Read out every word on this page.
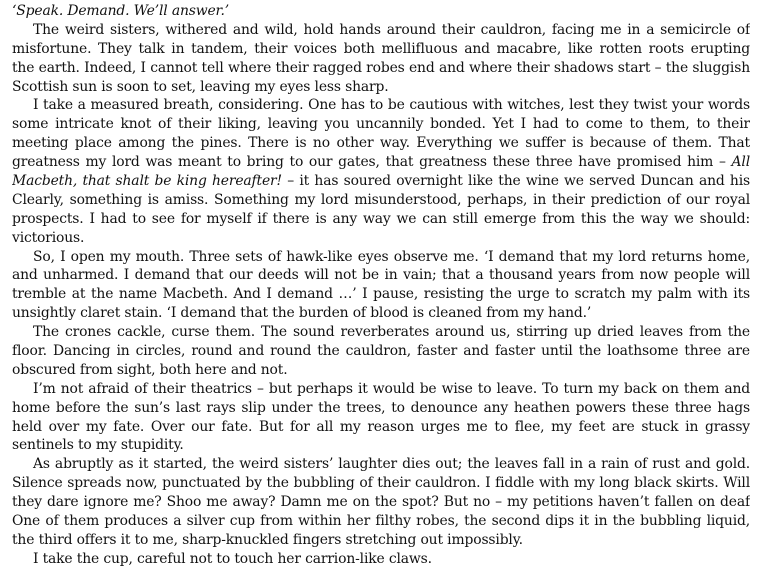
‘Speak. Demand. We’ll answer.’
The weird sisters, withered and wild, hold hands around their cauldron, facing me in a semicircle of
misfortune. They talk in tandem, their voices both mellifluous and macabre, like rotten roots erupting
the earth. Indeed, I cannot tell where their ragged robes end and where their shadows start – the sluggish
Scottish sun is soon to set, leaving my eyes less sharp.
I take a measured breath, considering. One has to be cautious with witches, lest they twist your words
some intricate knot of their liking, leaving you uncannily bonded. Yet I had to come to them, to their
meeting place among the pines. There is no other way. Everything we suffer is because of them. That
greatness my lord was meant to bring to our gates, that greatness these three have promised him – All
Macbeth, that shalt be king hereafter! – it has soured overnight like the wine we served Duncan and his
Clearly, something is amiss. Something my lord misunderstood, perhaps, in their prediction of our royal
prospects. I had to see for myself if there is any way we can still emerge from this the way we should:
victorious.
So, I open my mouth. Three sets of hawk-like eyes observe me. ‘I demand that my lord returns home,
and unharmed. I demand that our deeds will not be in vain; that a thousand years from now people will
tremble at the name Macbeth. And I demand …’ I pause, resisting the urge to scratch my palm with its
unsightly claret stain. ‘I demand that the burden of blood is cleaned from my hand.’
The crones cackle, curse them. The sound reverberates around us, stirring up dried leaves from the
floor. Dancing in circles, round and round the cauldron, faster and faster until the loathsome three are
obscured from sight, both here and not.
I’m not afraid of their theatrics – but perhaps it would be wise to leave. To turn my back on them and
home before the sun’s last rays slip under the trees, to denounce any heathen powers these three hags
held over my fate. Over our fate. But for all my reason urges me to flee, my feet are stuck in grassy
sentinels to my stupidity.
As abruptly as it started, the weird sisters’ laughter dies out; the leaves fall in a rain of rust and gold.
Silence spreads now, punctuated by the bubbling of their cauldron. I fiddle with my long black skirts. Will
they dare ignore me? Shoo me away? Damn me on the spot? But no – my petitions haven’t fallen on deaf
One of them produces a silver cup from within her filthy robes, the second dips it in the bubbling liquid,
the third offers it to me, sharp-knuckled fingers stretching out impossibly.
I take the cup, careful not to touch her carrion-like claws.
